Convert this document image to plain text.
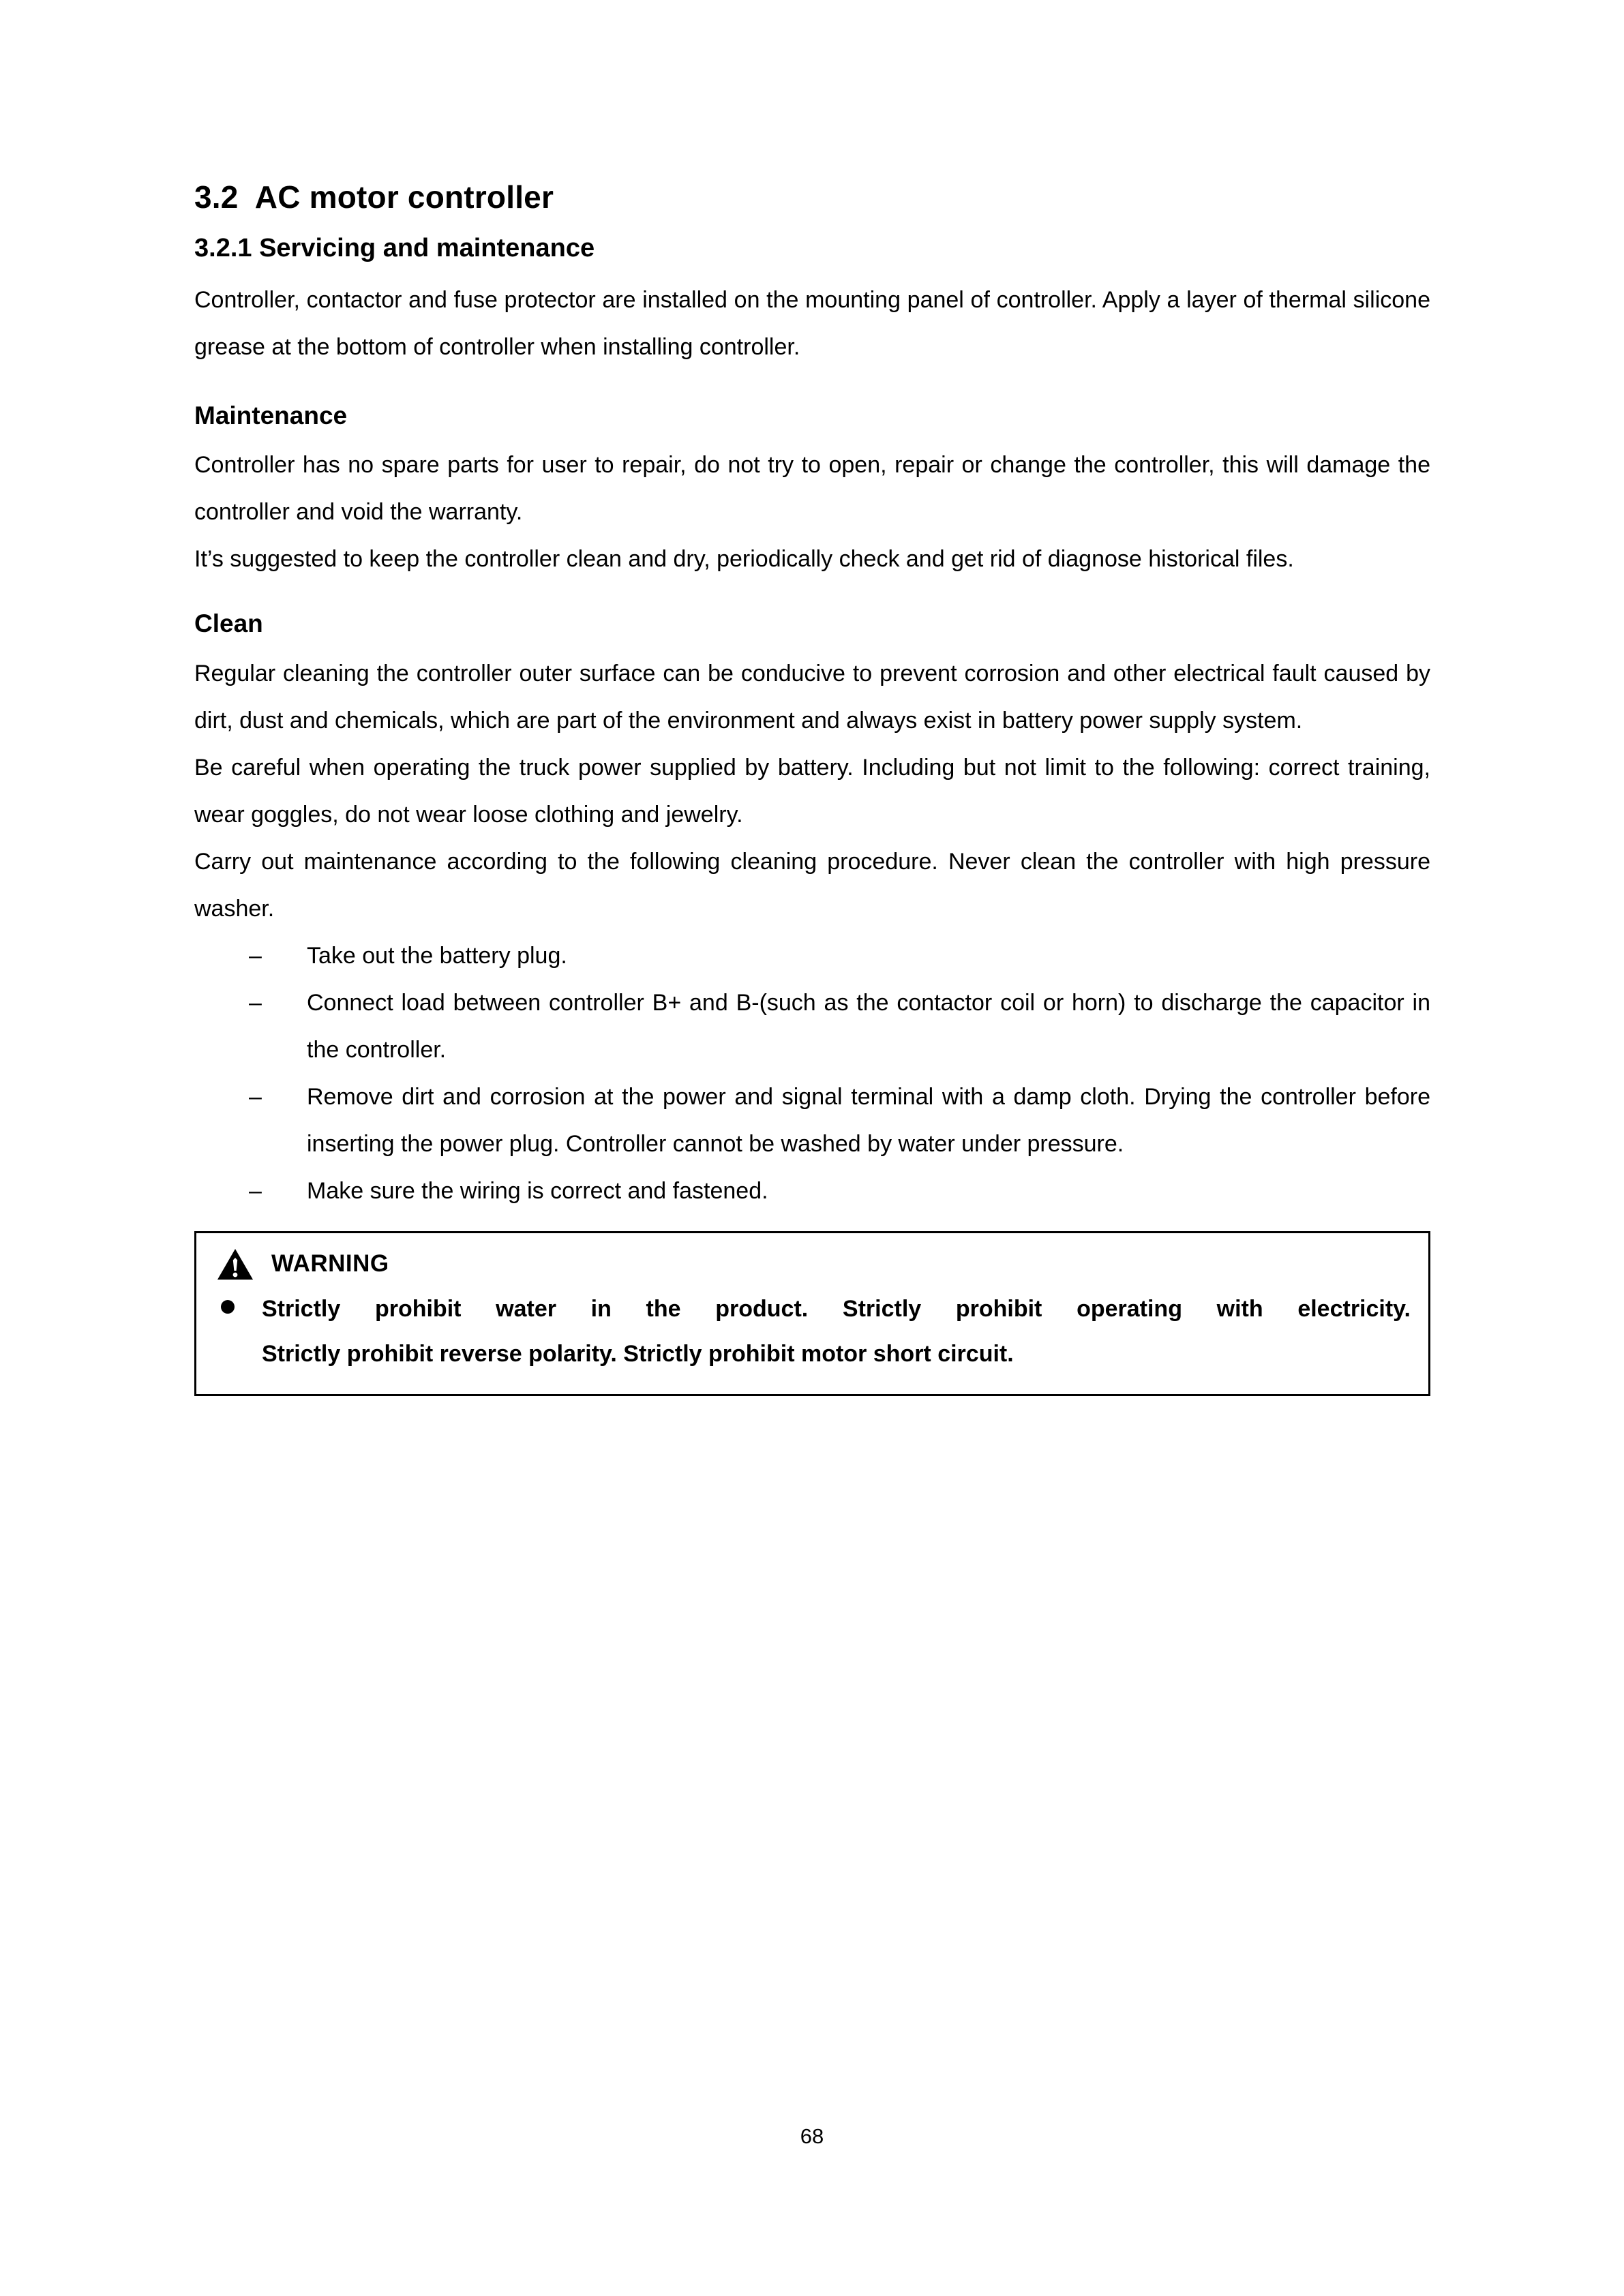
3.2  AC motor controller
3.2.1 Servicing and maintenance

Controller, contactor and fuse protector are installed on the mounting panel of controller. Apply a layer of thermal silicone grease at the bottom of controller when installing controller.

Maintenance

Controller has no spare parts for user to repair, do not try to open, repair or change the controller, this will damage the controller and void the warranty.

It’s suggested to keep the controller clean and dry, periodically check and get rid of diagnose historical files.

Clean

Regular cleaning the controller outer surface can be conducive to prevent corrosion and other electrical fault caused by dirt, dust and chemicals, which are part of the environment and always exist in battery power supply system.

Be careful when operating the truck power supplied by battery. Including but not limit to the following: correct training, wear goggles, do not wear loose clothing and jewelry.

Carry out maintenance according to the following cleaning procedure. Never clean the controller with high pressure washer.

–	Take out the battery plug.
–	Connect load between controller B+ and B-(such as the contactor coil or horn) to discharge the capacitor in the controller.
–	Remove dirt and corrosion at the power and signal terminal with a damp cloth. Drying the controller before inserting the power plug. Controller cannot be washed by water under pressure.
–	Make sure the wiring is correct and fastened.
WARNING
Strictly prohibit water in the product. Strictly prohibit operating with electricity.
Strictly prohibit reverse polarity. Strictly prohibit motor short circuit.
68
